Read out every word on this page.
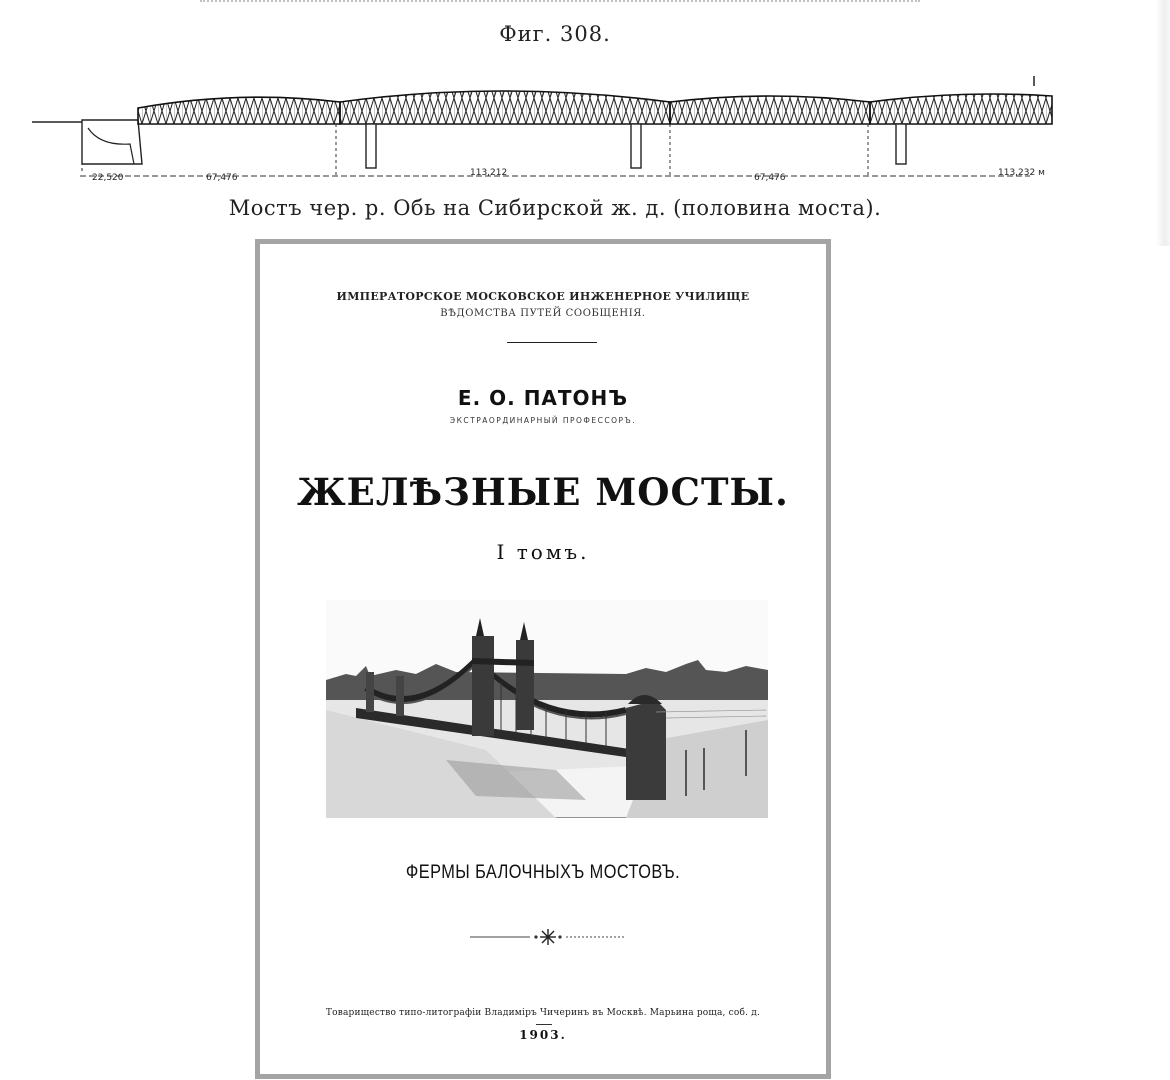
Фиг. 308.
22,520	67,476	113,212	67,476	113,232 м
Мостъ чер. р. Обь на Сибирской ж. д. (половина моста).
ИМПЕРАТОРСКОЕ МОСКОВСКОЕ ИНЖЕНЕРНОЕ УЧИЛИЩЕ
ВѢДОМСТВА ПУТЕЙ СООБЩЕНІЯ.
Е. О. ПАТОНЪ
ЭКСТРАОРДИНАРНЫЙ ПРОФЕССОРЪ.
ЖЕЛѢЗНЫЕ МОСТЫ.
I томъ.
ФЕРМЫ БАЛОЧНЫХЪ МОСТОВЪ.
Товарищество типо-литографіи Владиміръ Чичеринъ въ Москвѣ. Марьина роща, соб. д.
1903.
